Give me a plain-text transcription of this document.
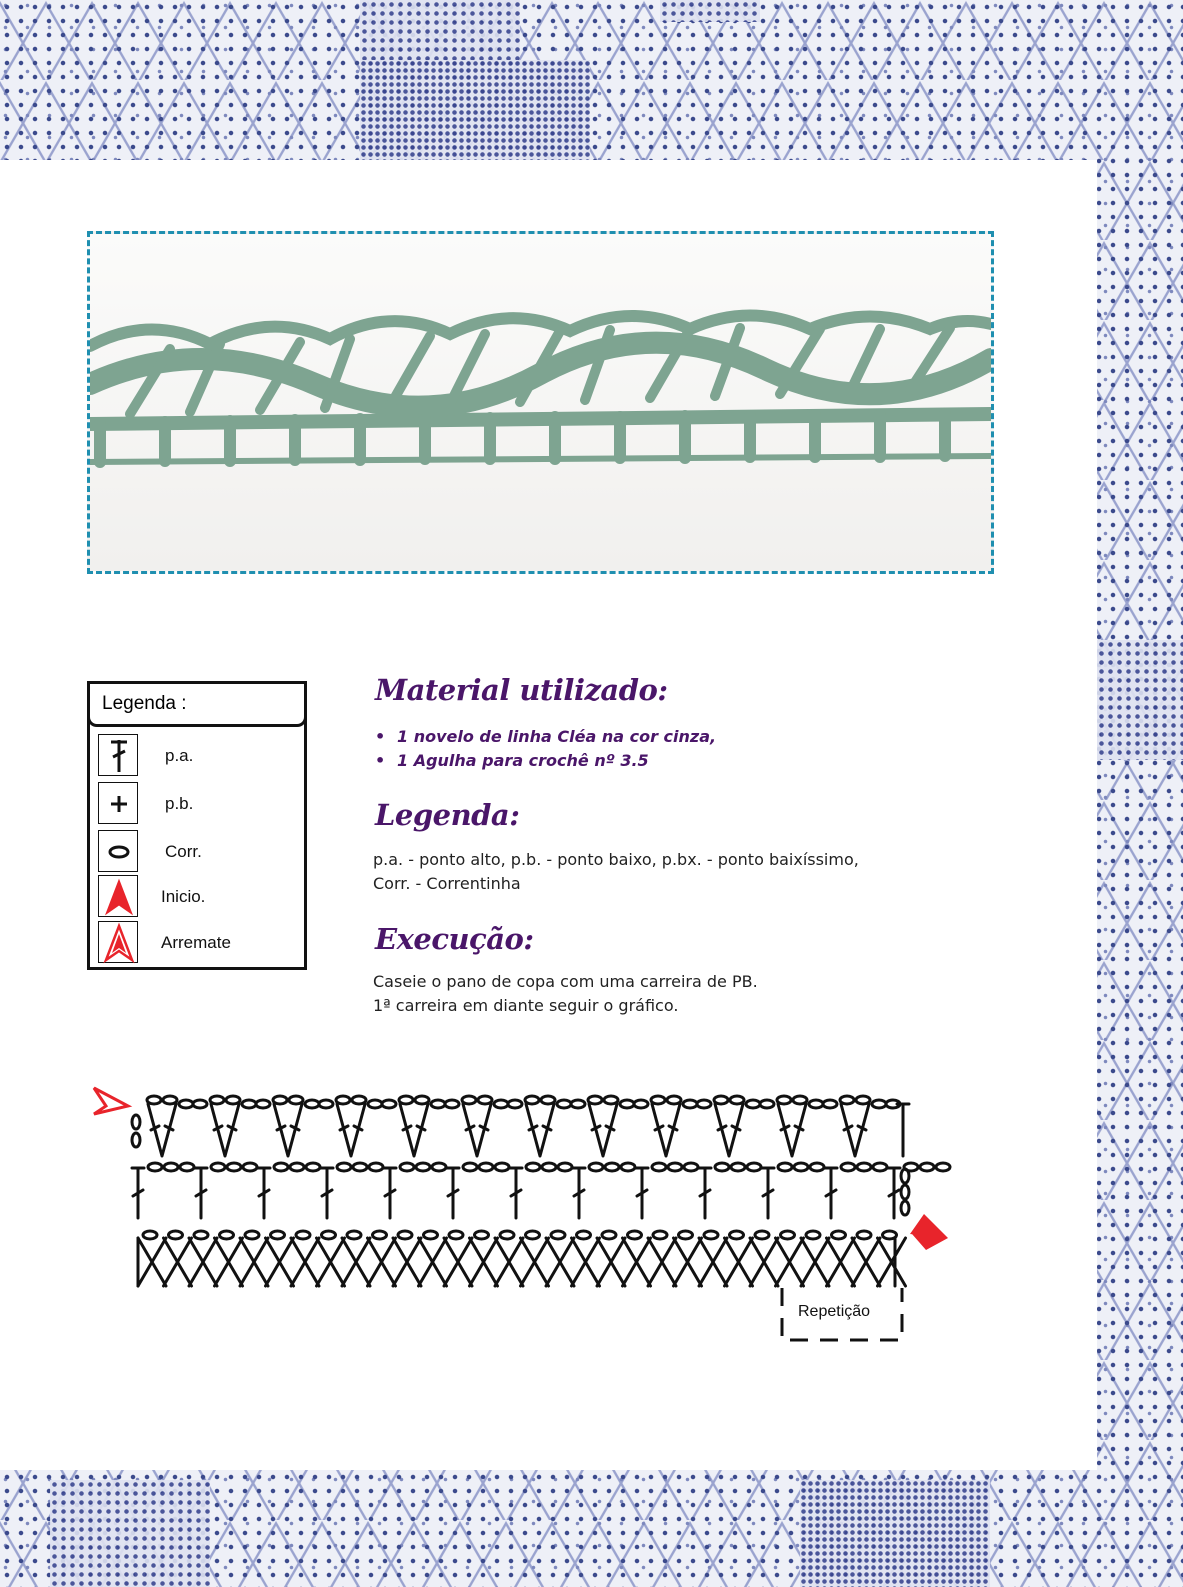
Legenda :
p.a.
p.b.
Corr.
Inicio.
Arremate
Material utilizado:
• 1 novelo de linha Cléa na cor cinza,
• 1 Agulha para crochê nº 3.5
Legenda:
p.a. - ponto alto, p.b. - ponto baixo, p.bx. - ponto baixíssimo,
Corr. - Correntinha
Execução:
Caseie o pano de copa com uma carreira de PB.
1ª carreira em diante seguir o gráfico.
Repetição
